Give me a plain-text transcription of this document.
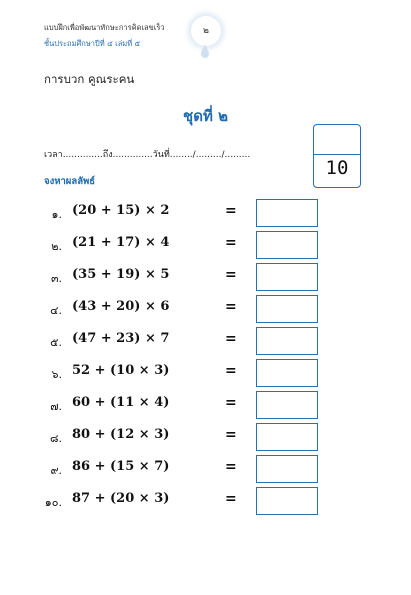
แบบฝึกเพื่อพัฒนาทักษะการคิดเลขเร็ว
ชั้นประถมศึกษาปีที่ ๔ เล่มที่ ๕
๒
การบวก คูณระคน
ชุดที่ ๒
10
เวลา..............ถึง..............วันที่......../........./.........
จงหาผลลัพธ์
๑. (20 + 15) × 2	=
๒. (21 + 17) × 4	=
๓. (35 + 19) × 5	=
๔. (43 + 20) × 6	=
๕. (47 + 23) × 7	=
๖. 52 + (10 × 3)	=
๗. 60 + (11 × 4)	=
๘. 80 + (12 × 3)	=
๙. 86 + (15 × 7)	=
๑๐. 87 + (20 × 3)	=
